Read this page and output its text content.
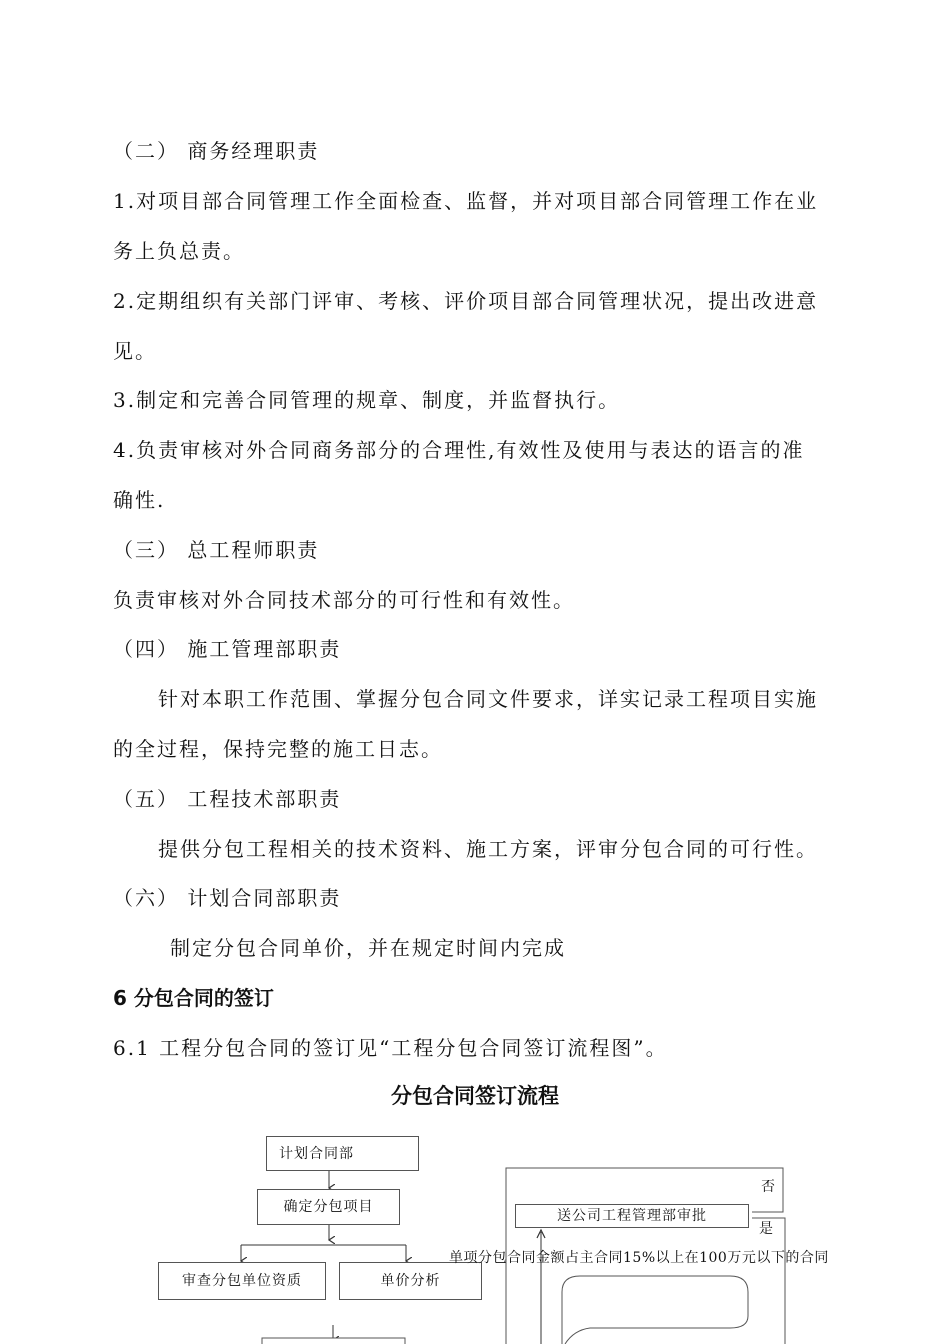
（二） 商务经理职责
1.对项目部合同管理工作全面检查、监督，并对项目部合同管理工作在业
务上负总责。
2.定期组织有关部门评审、考核、评价项目部合同管理状况，提出改进意
见。
3.制定和完善合同管理的规章、制度，并监督执行。
4.负责审核对外合同商务部分的合理性,有效性及使用与表达的语言的准
确性.
（三） 总工程师职责
负责审核对外合同技术部分的可行性和有效性。
（四） 施工管理部职责
针对本职工作范围、掌握分包合同文件要求，详实记录工程项目实施
的全过程，保持完整的施工日志。
（五） 工程技术部职责
提供分包工程相关的技术资料、施工方案，评审分包合同的可行性。
（六） 计划合同部职责
制定分包合同单价，并在规定时间内完成
6 分包合同的签订
6.1 工程分包合同的签订见“工程分包合同签订流程图”。
分包合同签订流程
计划合同部
确定分包项目
审查分包单位资质	单价分析
送公司工程管理部审批
否
是
单项分包合同金额占主合同15%以上在100万元以下的合同
